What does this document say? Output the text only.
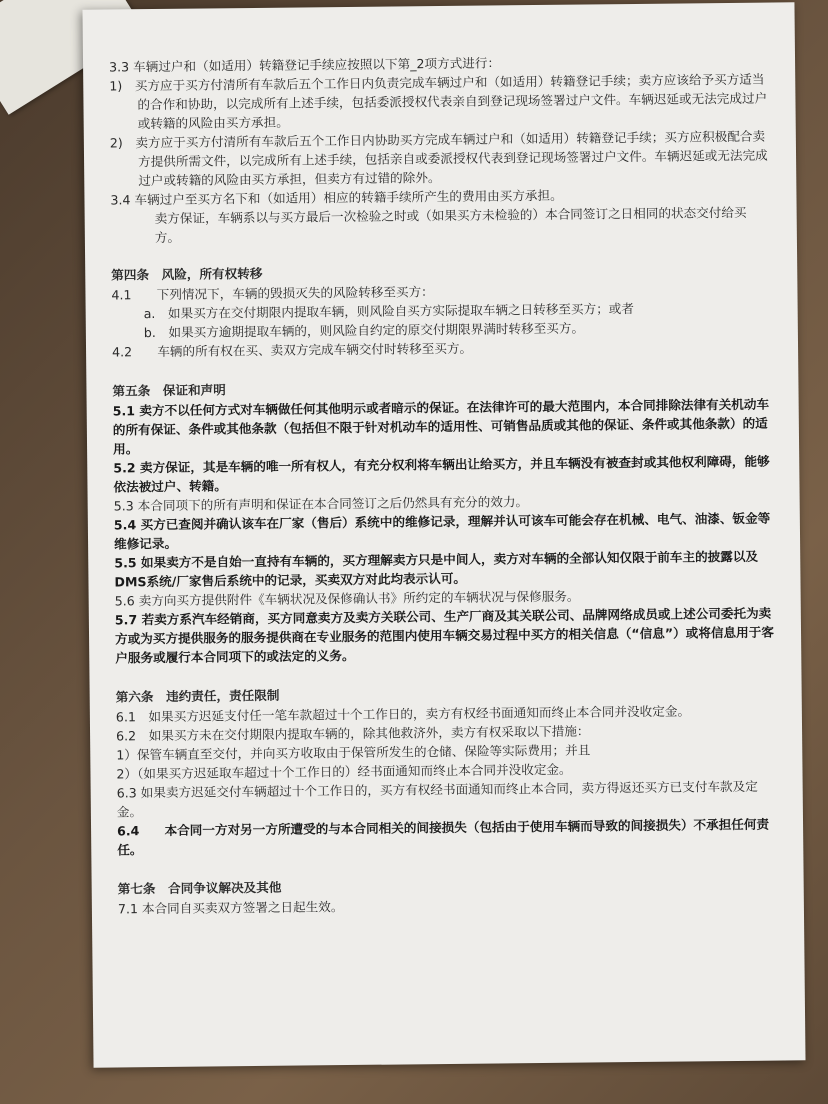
3.3 车辆过户和（如适用）转籍登记手续应按照以下第_2项方式进行：

1)　买方应于买方付清所有车款后五个工作日内负责完成车辆过户和（如适用）转籍登记手续；卖方应该给予买方适当的合作和协助，以完成所有上述手续，包括委派授权代表亲自到登记现场签署过户文件。车辆迟延或无法完成过户或转籍的风险由买方承担。

2)　卖方应于买方付清所有车款后五个工作日内协助买方完成车辆过户和（如适用）转籍登记手续；买方应积极配合卖方提供所需文件，以完成所有上述手续，包括亲自或委派授权代表到登记现场签署过户文件。车辆迟延或无法完成过户或转籍的风险由买方承担，但卖方有过错的除外。

3.4 车辆过户至买方名下和（如适用）相应的转籍手续所产生的费用由买方承担。

卖方保证，车辆系以与买方最后一次检验之时或（如果买方未检验的）本合同签订之日相同的状态交付给买方。

第四条　风险，所有权转移

4.1　　下列情况下，车辆的毁损灭失的风险转移至买方：

a.　如果买方在交付期限内提取车辆，则风险自买方实际提取车辆之日转移至买方；或者

b.　如果买方逾期提取车辆的，则风险自约定的原交付期限界满时转移至买方。

4.2　　车辆的所有权在买、卖双方完成车辆交付时转移至买方。

第五条　保证和声明

5.1 卖方不以任何方式对车辆做任何其他明示或者暗示的保证。在法律许可的最大范围内，本合同排除法律有关机动车的所有保证、条件或其他条款（包括但不限于针对机动车的适用性、可销售品质或其他的保证、条件或其他条款）的适用。

5.2 卖方保证，其是车辆的唯一所有权人，有充分权利将车辆出让给买方，并且车辆没有被查封或其他权利障碍，能够依法被过户、转籍。

5.3 本合同项下的所有声明和保证在本合同签订之后仍然具有充分的效力。

5.4 买方已查阅并确认该车在厂家（售后）系统中的维修记录，理解并认可该车可能会存在机械、电气、油漆、钣金等维修记录。

5.5 如果卖方不是自始一直持有车辆的，买方理解卖方只是中间人，卖方对车辆的全部认知仅限于前车主的披露以及DMS系统/厂家售后系统中的记录，买卖双方对此均表示认可。

5.6 卖方向买方提供附件《车辆状况及保修确认书》所约定的车辆状况与保修服务。

5.7 若卖方系汽车经销商，买方同意卖方及卖方关联公司、生产厂商及其关联公司、品牌网络成员或上述公司委托为卖方或为买方提供服务的服务提供商在专业服务的范围内使用车辆交易过程中买方的相关信息（“信息”）或将信息用于客户服务或履行本合同项下的或法定的义务。

第六条　违约责任，责任限制

6.1　如果买方迟延支付任一笔车款超过十个工作日的，卖方有权经书面通知而终止本合同并没收定金。

6.2　如果买方未在交付期限内提取车辆的，除其他救济外，卖方有权采取以下措施：

1）保管车辆直至交付，并向买方收取由于保管所发生的仓储、保险等实际费用；并且

2）（如果买方迟延取车超过十个工作日的）经书面通知而终止本合同并没收定金。

6.3 如果卖方迟延交付车辆超过十个工作日的，买方有权经书面通知而终止本合同，卖方得返还买方已支付车款及定金。

6.4　　本合同一方对另一方所遭受的与本合同相关的间接损失（包括由于使用车辆而导致的间接损失）不承担任何责任。

第七条　合同争议解决及其他

7.1 本合同自买卖双方签署之日起生效。
